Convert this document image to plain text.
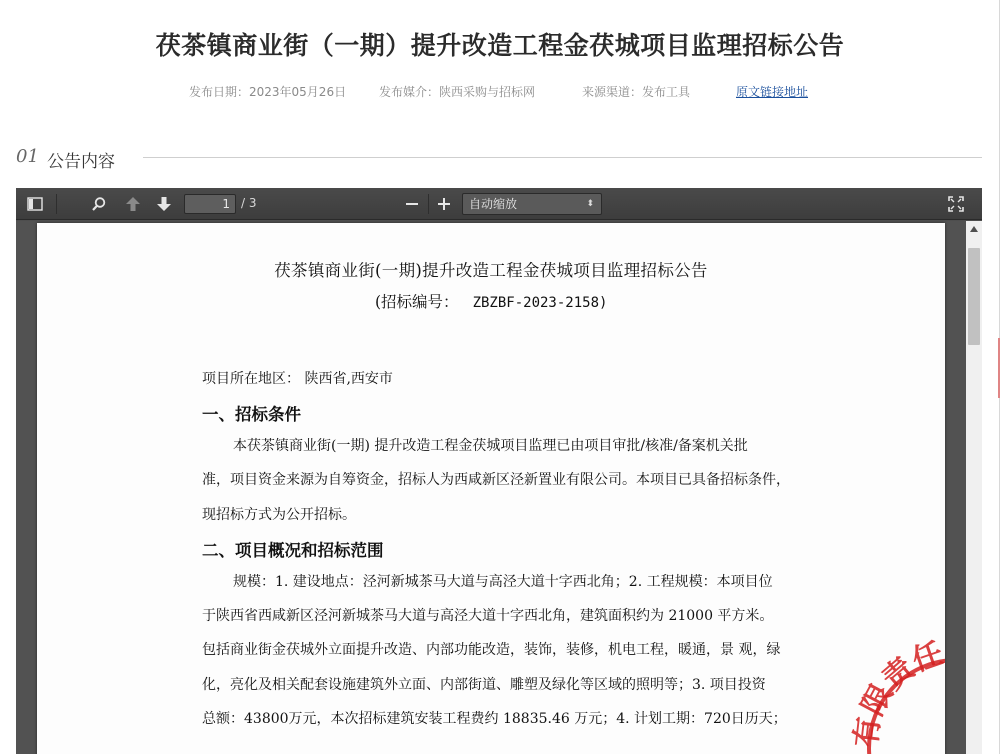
茯茶镇商业街（一期）提升改造工程金茯城项目监理招标公告
发布日期：2023年05月26日	发布媒介：陕西采购与招标网	来源渠道：发布工具	原文链接地址
01 公告内容
1 / 3	自动缩放	⬍
茯茶镇商业街(一期)提升改造工程金茯城项目监理招标公告
(招标编号： ZBZBF-2023-2158)
项目所在地区： 陕西省,西安市
一、招标条件
本茯茶镇商业街(一期) 提升改造工程金茯城项目监理已由项目审批/核准/备案机关批
准，项目资金来源为自筹资金，招标人为西咸新区泾新置业有限公司。本项目已具备招标条件，
现招标方式为公开招标。
二、项目概况和招标范围
规模：1. 建设地点：泾河新城茶马大道与高泾大道十字西北角；2. 工程规模：本项目位
于陕西省西咸新区泾河新城茶马大道与高泾大道十字西北角，建筑面积约为 21000 平方米。
包括商业街金茯城外立面提升改造、内部功能改造，装饰，装修，机电工程，暖通，景 观，绿
化，亮化及相关配套设施建筑外立面、内部街道、雕塑及绿化等区域的照明等；3. 项目投资
总额：43800万元，本次招标建筑安装工程费约 18835.46 万元；4. 计划工期：720日历天； 有限责任
